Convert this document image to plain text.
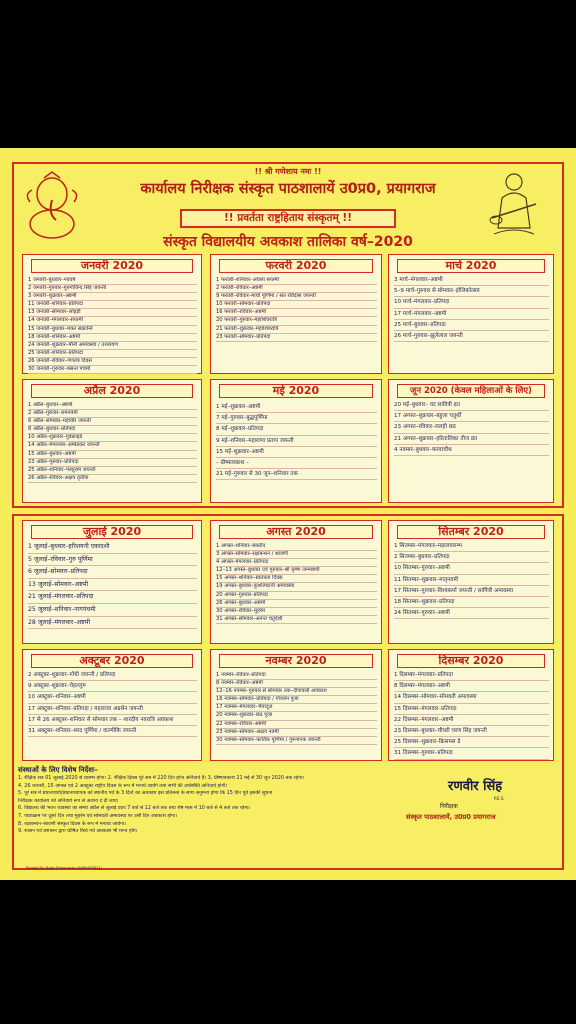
!! श्री गणेशाय नमः !!
कार्यालय निरीक्षक संस्कृत पाठशालायें उ0प्र0, प्रयागराज
!! प्रवर्तता राष्ट्रहिताय संस्कृतम् !!
संस्कृत विद्यालयीय अवकाश तालिका वर्ष–2020
जनवरी 2020
1 जनवरी–बुधवार–नववर्ष
2 जनवरी–गुरुवार–गुरुगोविन्द सिंह जयन्ती
3 जनवरी–शुक्रवार–अष्टमी
11 जनवरी–शनिवार–प्रतिपदा
13 जनवरी–सोमवार–लोहड़ी
14 जनवरी–मंगलवार–सप्तमी
15 जनवरी–बुधवार–मकर संक्रान्ति
18 जनवरी–शनिवार–अष्टमी
24 जनवरी–शुक्रवार–मौनी अमावस्या / उत्तरायण
25 जनवरी–शनिवार–प्रतिपदा
26 जनवरी–रविवार–गणतंत्र दिवस
30 जनवरी–गुरुवार–बसन्त पंचमी
फरवरी 2020
1 फरवरी–शनिवार–अचला सप्तमी
2 फरवरी–रविवार–अष्टमी
9 फरवरी–रविवार–माघी पूर्णिमा / संत रविदास जयन्ती
10 फरवरी–सोमवार–प्रतिपदा
16 फरवरी–रविवार–अष्टमी
20 फरवरी–गुरुवार–महाशिवरात्रि
21 फरवरी–शुक्रवार–महाशिवरात्रि
23 फरवरी–सोमवार–प्रतिपदा
मार्च 2020
3 मार्च–मंगलवार–अष्टमी
5–9 मार्च–गुरुवार से सोमवार–होलिकोत्सव
10 मार्च–मंगलवार–प्रतिपदा
17 मार्च–मंगलवार–अष्टमी
25 मार्च–बुधवार–प्रतिपदा
26 मार्च–गुरुवार–झूलेलाल जयन्ती
अप्रैल 2020
1 अप्रैल–बुधवार–अष्टमी
2 अप्रैल–गुरुवार–रामनवमी
6 अप्रैल–सोमवार–महावीर जयन्ती
8 अप्रैल–बुधवार–प्रतिपदा
10 अप्रैल–शुक्रवार–गुडफ्राइडे
14 अप्रैल–मंगलवार–अम्बेडकर जयन्ती
15 अप्रैल–बुधवार–अष्टमी
23 अप्रैल–गुरुवार–प्रतिपदा
25 अप्रैल–शनिवार–परशुराम जयन्ती
26 अप्रैल–रविवार–अक्षय तृतीया
मई 2020
1 मई–शुक्रवार–अष्टमी
7 मई–गुरुवार–बुद्धपूर्णिमा
8 मई–शुक्रवार–प्रतिपदा
9 मई–शनिवार–महाराणा प्रताप जयन्ती
15 मई–शुक्रवार–अष्टमी
– ग्रीष्मावकाश –
21 मई–गुरुवार से 30 जून–शनिवार तक
जून 2020 (केवल महिलाओं के लिए)
20 मई–बुधवार– वट सावित्री व्रत
17 अगस्त–शुक्रवार–बहुला चतुर्थी
23 अगस्त–रविवार–ललही छठ
21 अगस्त–शुक्रवार–हरितालिका तीज व्रत
4 नवम्बर–बुधवार–करवाचौथ
जुलाई 2020
1 जुलाई–बुधवार–हरिशयनी एकादशी
5 जुलाई–रविवार–गुरु पूर्णिमा
6 जुलाई–सोमवार–प्रतिपदा
13 जुलाई–सोमवार–अष्टमी
21 जुलाई–मंगलवार–प्रतिपदा
25 जुलाई–शनिवार–नागपंचमी
28 जुलाई–मंगलवार–अष्टमी
अगस्त 2020
1 अगस्त–शनिवार–बकरीद
3 अगस्त–सोमवार–रक्षाबन्धन / श्रावणी
4 अगस्त–मंगलवार–प्रतिपदा
12–13 अगस्त–बुधवार एवं गुरुवार–श्री कृष्ण जन्माष्टमी
15 अगस्त–शनिवार–स्वतंत्रता दिवस
19 अगस्त–बुधवार–कुशोत्पाटनी अमावस्या
20 अगस्त–गुरुवार–प्रतिपदा
26 अगस्त–बुधवार–अष्टमी
30 अगस्त–रविवार–मुहर्रम
31 अगस्त–सोमवार–अनन्त चतुर्दशी
सितम्बर 2020
1 सितम्बर–मंगलवार–महालयारम्भ
2 सितम्बर–बुधवार–प्रतिपदा
10 सितम्बर–गुरुवार–अष्टमी
11 सितम्बर–शुक्रवार–मातृनवमी
17 सितम्बर–गुरुवार–विश्वकर्मा जयन्ती / सर्वपैत्री अमावस्या
18 सितम्बर–शुक्रवार–प्रतिपदा
24 सितम्बर–गुरुवार–अष्टमी
अक्टूबर 2020
2 अक्टूबर–शुक्रवार–गाँधी जयन्ती / प्रतिपदा
9 अक्टूबर–शुक्रवार–चेहल्लुम
10 अक्टूबर–शनिवार–अष्टमी
17 अक्टूबर–शनिवार–प्रतिपदा / महाराजा अग्रसेन जयन्ती
17 से 26 अक्टूबर–शनिवार से सोमवार तक – शारदीय नवरात्रि अवकाश
31 अक्टूबर–शनिवार–शरद पूर्णिमा / वाल्मीकि जयन्ती
नवम्बर 2020
1 नवम्बर–रविवार–प्रतिपदा
8 नवम्बर–रविवार–अष्टमी
12–16 नवम्बर–गुरुवार से सोमवार तक–दीपावली अवकाश
16 नवम्बर–सोमवार–प्रतिपदा / गोवर्धन पूजा
17 नवम्बर–मंगलवार–भैयादूज
20 नवम्बर–शुक्रवार–छठ पूजा
22 नवम्बर–रविवार–अष्टमी
23 नवम्बर–सोमवार–अक्षय नवमी
30 नवम्बर–सोमवार–कार्तिक पूर्णिमा / गुरुनानक जयन्ती
दिसम्बर 2020
1 दिसम्बर–मंगलवार–प्रतिपदा
8 दिसम्बर–मंगलवार–अष्टमी
14 दिसम्बर–सोमवार–सोमवती अमावस्या
15 दिसम्बर–मंगलवार–प्रतिपदा
22 दिसम्बर–मंगलवार–अष्टमी
23 दिसम्बर–बुधवार–चौधरी चरण सिंह जयन्ती
25 दिसम्बर–शुक्रवार–क्रिसमस डे
31 दिसम्बर–गुरुवार–प्रतिपदा
संस्थाओं के लिए विशेष निर्देशः–
1. शैक्षिक सत्र 01 जुलाई 2020 से प्रारम्भ होगा। 2. शैक्षिक दिवस पूरे सत्र में 220 दिन होना अनिवार्य है। 3. ग्रीष्मावकाश 21 मई से 30 जून 2020 तक रहेगा।
4. 26 जनवरी, 15 अगस्त एवं 2 अक्टूबर राष्ट्रीय दिवस के रूप में मनाये जायेंगे तथा सभी की उपस्थिति अनिवार्य होगी।
5. पूरे सत्र में प्रधानाचार्य/प्रधानाध्यापक को स्थानीय पर्व के 3 दिनों का अवकाश इस प्रतिबन्ध के साथ अनुमन्य होगा कि 15 दिन पूर्व इसकी सूचना
निरीक्षक कार्यालय को अनिवार्य रूप से अवश्य दे दी जाए।
6. विद्यालय की भवन व्यवस्था का समय अप्रैल से जुलाई प्रातः 7 बजे से 12 बजे तक तथा शेष मास में 10 बजे से 4 बजे तक रहेगा।
7. पाठ्यक्रम पर दूसरे दिन तथा मुहर्रम एवं सोमवती अमावस्या पर उसी दिन अवकाश होगा।
8. रक्षाबन्धन–श्रावणी संस्कृत दिवस के रूप में मनाया जायेगा।
9. शासन एवं प्रशासन द्वारा घोषित किये गये अवकाश भी मान्य होंगे।
रणवीर सिंह
P.E.S.
निरीक्षक
संस्कृत पाठशालायें, उ0प्र0 प्रयागराज
Printed By: Baby Enterprises (9889483822)
